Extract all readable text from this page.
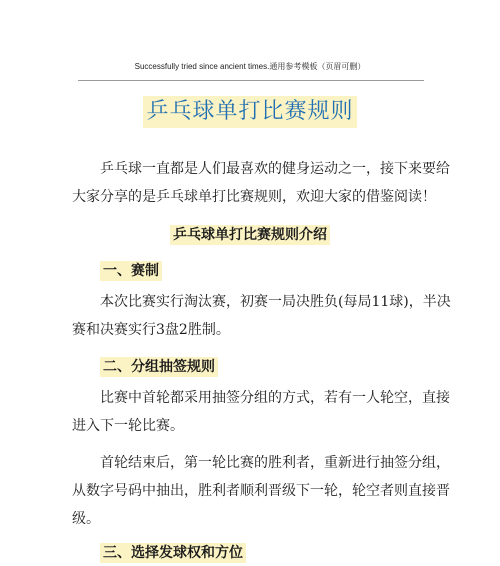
Successfully tried since ancient times.通用参考模板（页眉可删）
乒乓球单打比赛规则

乒乓球一直都是人们最喜欢的健身运动之一，接下来要给
大家分享的是乒乓球单打比赛规则，欢迎大家的借鉴阅读！

乒乓球单打比赛规则介绍
一、赛制

本次比赛实行淘汰赛，初赛一局决胜负(每局11球)，半决
赛和决赛实行3盘2胜制。

二、分组抽签规则

比赛中首轮都采用抽签分组的方式，若有一人轮空，直接
进入下一轮比赛。

首轮结束后，第一轮比赛的胜利者，重新进行抽签分组，
从数字号码中抽出，胜利者顺利晋级下一轮，轮空者则直接晋
级。

三、选择发球权和方位
